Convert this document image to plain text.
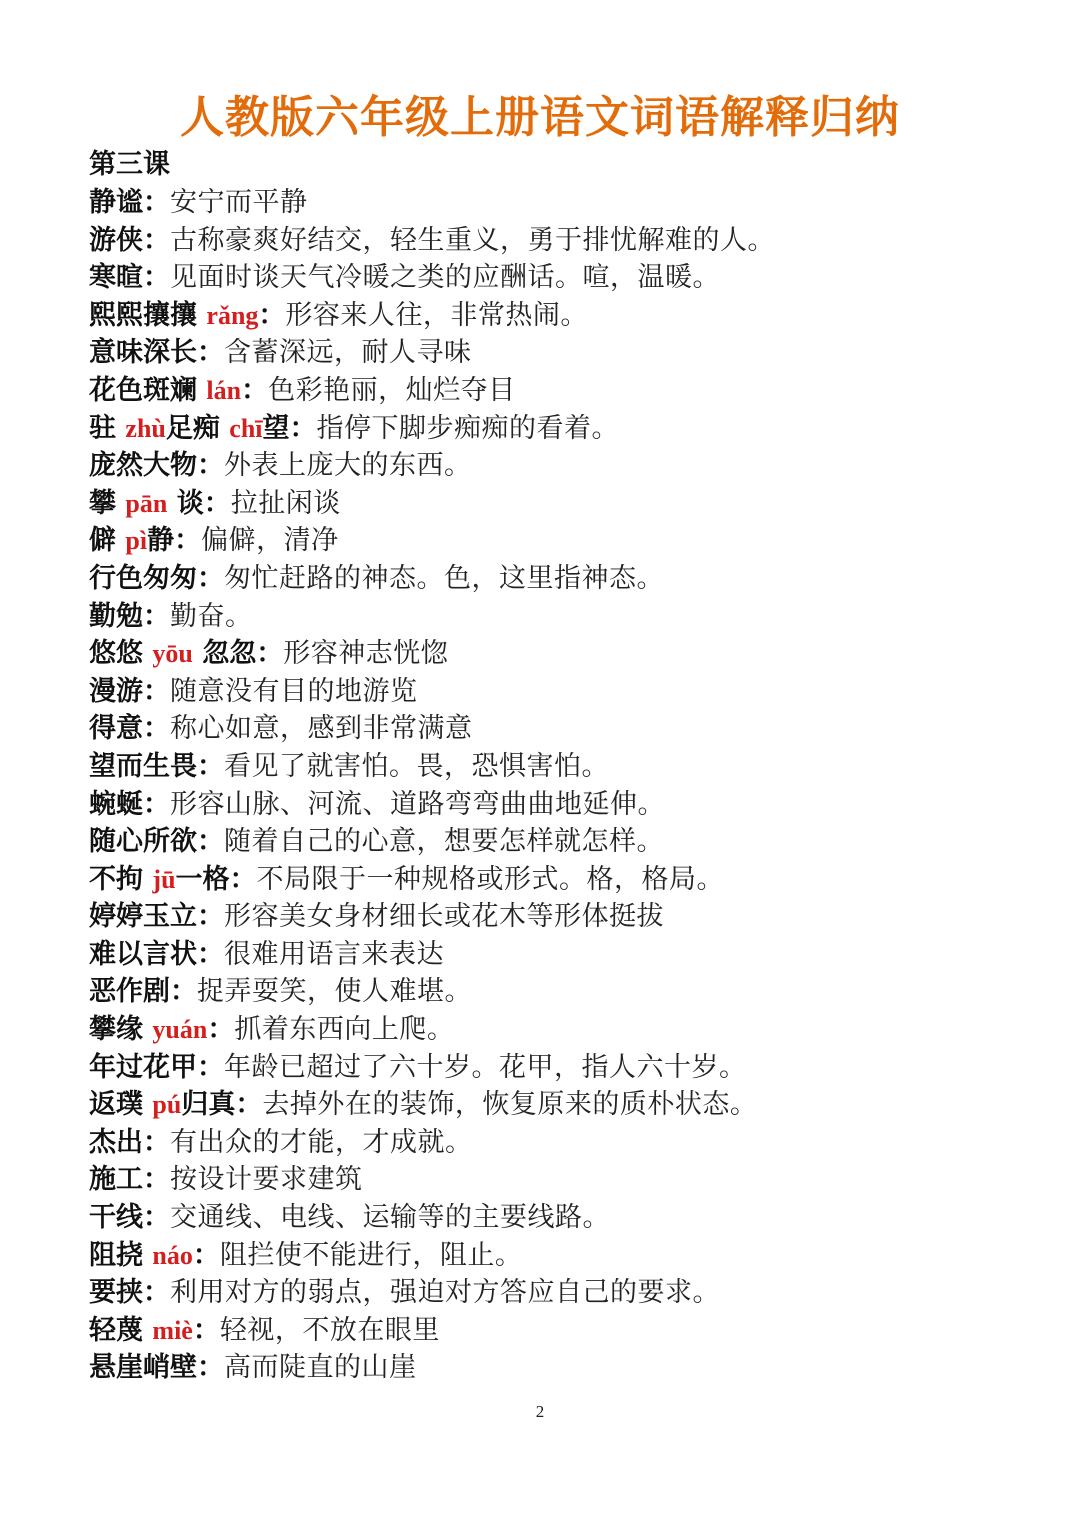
人教版六年级上册语文词语解释归纳
第三课
静谧：安宁而平静
游侠：古称豪爽好结交，轻生重义，勇于排忧解难的人。
寒暄：见面时谈天气冷暖之类的应酬话。喧，温暖。
熙熙攘攘 rǎng：形容来人往，非常热闹。
意味深长：含蓄深远，耐人寻味
花色斑斓 lán：色彩艳丽，灿烂夺目
驻 zhù足痴 chī望：指停下脚步痴痴的看着。
庞然大物：外表上庞大的东西。
攀 pān 谈：拉扯闲谈
僻 pì静：偏僻，清净
行色匆匆：匆忙赶路的神态。色，这里指神态。
勤勉：勤奋。
悠悠 yōu 忽忽：形容神志恍惚
漫游：随意没有目的地游览
得意：称心如意，感到非常满意
望而生畏：看见了就害怕。畏，恐惧害怕。
蜿蜒：形容山脉、河流、道路弯弯曲曲地延伸。
随心所欲：随着自己的心意，想要怎样就怎样。
不拘 jū一格：不局限于一种规格或形式。格，格局。
婷婷玉立：形容美女身材细长或花木等形体挺拔
难以言状：很难用语言来表达
恶作剧：捉弄耍笑，使人难堪。
攀缘 yuán：抓着东西向上爬。
年过花甲：年龄已超过了六十岁。花甲，指人六十岁。
返璞 pú归真：去掉外在的装饰，恢复原来的质朴状态。
杰出：有出众的才能，才成就。
施工：按设计要求建筑
干线：交通线、电线、运输等的主要线路。
阻挠 náo：阻拦使不能进行，阻止。
要挟：利用对方的弱点，强迫对方答应自己的要求。
轻蔑 miè：轻视，不放在眼里
悬崖峭壁：高而陡直的山崖
2
